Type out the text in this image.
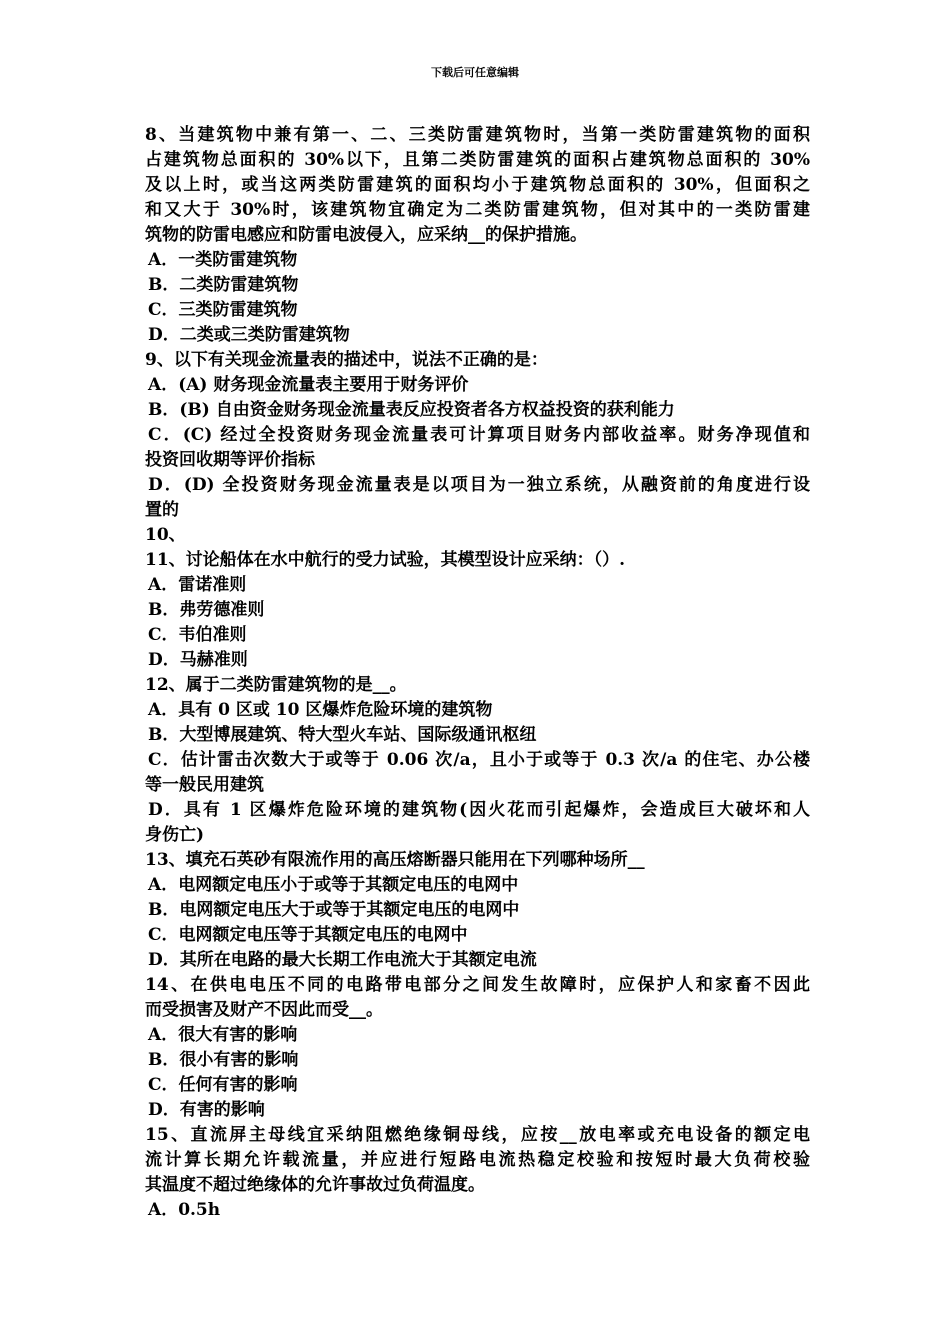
下载后可任意编辑
8、当建筑物中兼有第一、二、三类防雷建筑物时，当第一类防雷建筑物的面积
占建筑物总面积的 30%以下，且第二类防雷建筑的面积占建筑物总面积的 30%
及以上时，或当这两类防雷建筑的面积均小于建筑物总面积的 30%，但面积之
和又大于 30%时，该建筑物宜确定为二类防雷建筑物，但对其中的一类防雷建
筑物的防雷电感应和防雷电波侵入，应采纳__的保护措施。
A．一类防雷建筑物
B．二类防雷建筑物
C．三类防雷建筑物
D．二类或三类防雷建筑物
9、以下有关现金流量表的描述中，说法不正确的是：
A．(A) 财务现金流量表主要用于财务评价
B．(B) 自由资金财务现金流量表反应投资者各方权益投资的获利能力
C．(C) 经过全投资财务现金流量表可计算项目财务内部收益率。财务净现值和
投资回收期等评价指标
D．(D) 全投资财务现金流量表是以项目为一独立系统，从融资前的角度进行设
置的
10、
11、讨论船体在水中航行的受力试验，其模型设计应采纳：（）.
A．雷诺准则
B．弗劳德准则
C．韦伯准则
D．马赫准则
12、属于二类防雷建筑物的是__。
A．具有 0 区或 10 区爆炸危险环境的建筑物
B．大型博展建筑、特大型火车站、国际级通讯枢纽
C．估计雷击次数大于或等于 0.06 次/a，且小于或等于 0.3 次/a 的住宅、办公楼
等一般民用建筑
D．具有 1 区爆炸危险环境的建筑物(因火花而引起爆炸，会造成巨大破坏和人
身伤亡)
13、填充石英砂有限流作用的高压熔断器只能用在下列哪种场所__
A．电网额定电压小于或等于其额定电压的电网中
B．电网额定电压大于或等于其额定电压的电网中
C．电网额定电压等于其额定电压的电网中
D．其所在电路的最大长期工作电流大于其额定电流
14、在供电电压不同的电路带电部分之间发生故障时，应保护人和家畜不因此
而受损害及财产不因此而受__。
A．很大有害的影响
B．很小有害的影响
C．任何有害的影响
D．有害的影响
15、直流屏主母线宜采纳阻燃绝缘铜母线，应按__放电率或充电设备的额定电
流计算长期允许载流量，并应进行短路电流热稳定校验和按短时最大负荷校验
其温度不超过绝缘体的允许事故过负荷温度。
A．0.5h
